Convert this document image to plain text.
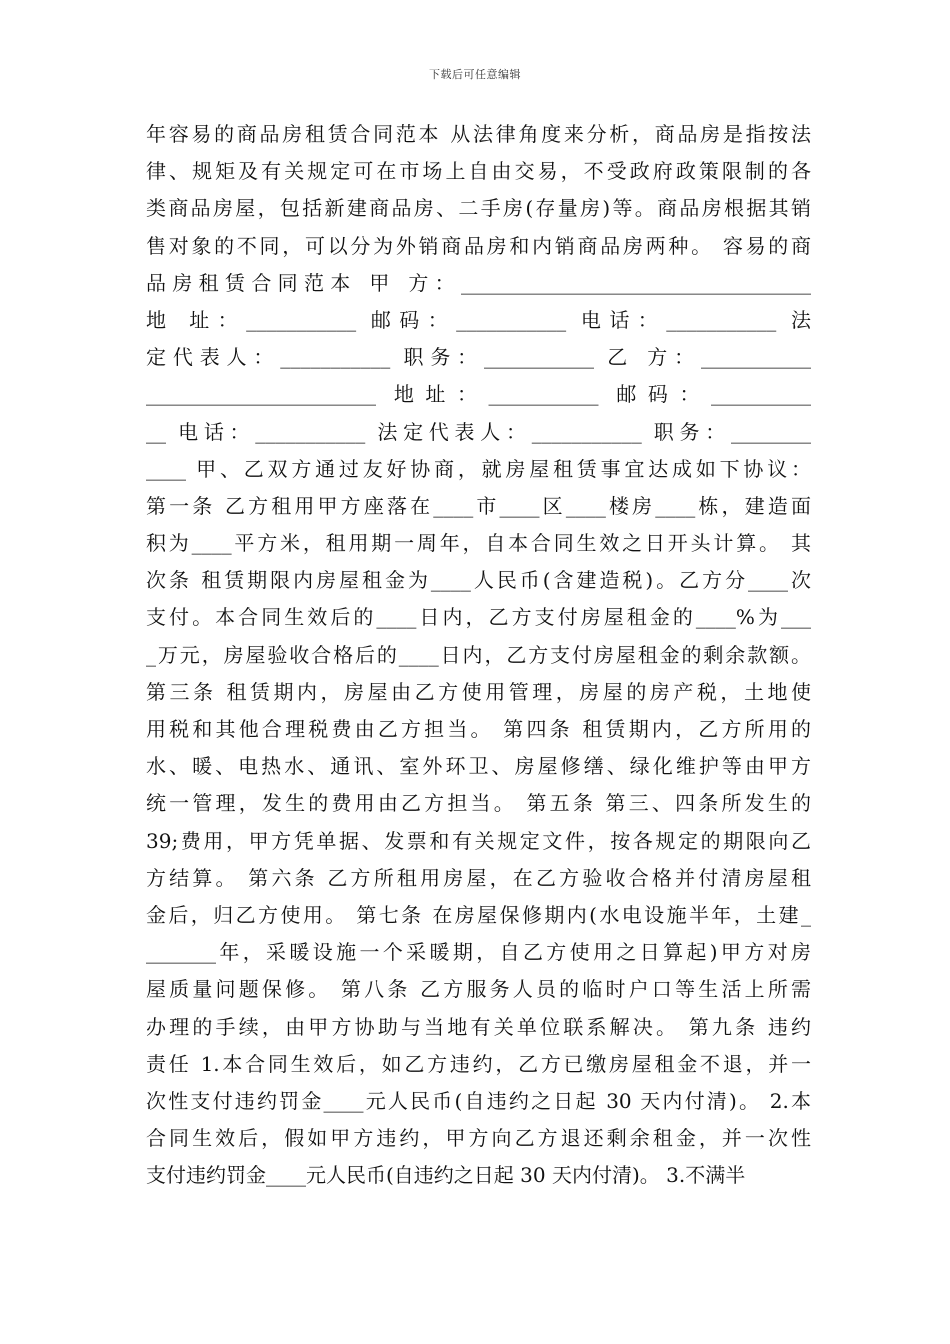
下载后可任意编辑
年容易的商品房租赁合同范本 从法律角度来分析，商品房是指按法
律、规矩及有关规定可在市场上自由交易，不受政府政策限制的各
类商品房屋，包括新建商品房、二手房(存量房)等。商品房根据其销
售对象的不同，可以分为外销商品房和内销商品房两种。 容易的商
品房租赁合同范本 甲 方：___________________________________
地 址：___________ 邮码：___________ 电话：___________ 法
定代表人：___________ 职务：___________ 乙 方：___________
_______________________ 地址：___________ 邮码：__________
__ 电话：___________ 法定代表人：___________ 职务：________
____ 甲、乙双方通过友好协商，就房屋租赁事宜达成如下协议：
第一条 乙方租用甲方座落在____市____区____楼房____栋，建造面
积为____平方米，租用期一周年，自本合同生效之日开头计算。 其
次条 租赁期限内房屋租金为____人民币(含建造税)。乙方分____次
支付。本合同生效后的____日内，乙方支付房屋租金的____%为___
_万元，房屋验收合格后的____日内，乙方支付房屋租金的剩余款额。
第三条 租赁期内，房屋由乙方使用管理，房屋的房产税，土地使
用税和其他合理税费由乙方担当。 第四条 租赁期内，乙方所用的
水、暖、电热水、通讯、室外环卫、房屋修缮、绿化维护等由甲方
统一管理，发生的费用由乙方担当。 第五条 第三、四条所发生的
39;费用，甲方凭单据、发票和有关规定文件，按各规定的期限向乙
方结算。 第六条 乙方所租用房屋，在乙方验收合格并付清房屋租
金后，归乙方使用。 第七条 在房屋保修期内(水电设施半年，土建_
_______年，采暖设施一个采暖期，自乙方使用之日算起)甲方对房
屋质量问题保修。 第八条 乙方服务人员的临时户口等生活上所需
办理的手续，由甲方协助与当地有关单位联系解决。 第九条 违约
责任 1.本合同生效后，如乙方违约，乙方已缴房屋租金不退，并一
次性支付违约罚金____元人民币(自违约之日起 30 天内付清)。 2.本
合同生效后，假如甲方违约，甲方向乙方退还剩余租金，并一次性
支付违约罚金____元人民币(自违约之日起 30 天内付清)。 3.不满半
